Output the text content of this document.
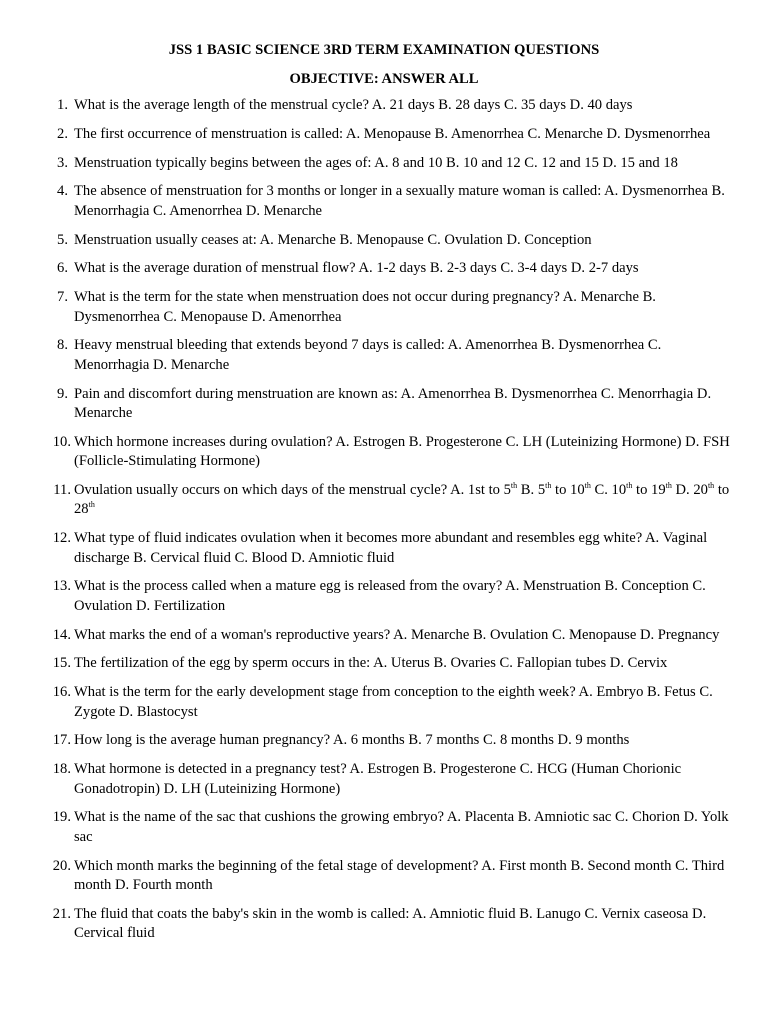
JSS 1 BASIC SCIENCE 3RD TERM EXAMINATION QUESTIONS
OBJECTIVE: ANSWER ALL
1. What is the average length of the menstrual cycle? A. 21 days B. 28 days C. 35 days D. 40 days
2. The first occurrence of menstruation is called: A. Menopause B. Amenorrhea C. Menarche D. Dysmenorrhea
3. Menstruation typically begins between the ages of: A. 8 and 10 B. 10 and 12 C. 12 and 15 D. 15 and 18
4. The absence of menstruation for 3 months or longer in a sexually mature woman is called: A. Dysmenorrhea B. Menorrhagia C. Amenorrhea D. Menarche
5. Menstruation usually ceases at: A. Menarche B. Menopause C. Ovulation D. Conception
6. What is the average duration of menstrual flow? A. 1-2 days B. 2-3 days C. 3-4 days D. 2-7 days
7. What is the term for the state when menstruation does not occur during pregnancy? A. Menarche B. Dysmenorrhea C. Menopause D. Amenorrhea
8. Heavy menstrual bleeding that extends beyond 7 days is called: A. Amenorrhea B. Dysmenorrhea C. Menorrhagia D. Menarche
9. Pain and discomfort during menstruation are known as: A. Amenorrhea B. Dysmenorrhea C. Menorrhagia D. Menarche
10. Which hormone increases during ovulation? A. Estrogen B. Progesterone C. LH (Luteinizing Hormone) D. FSH (Follicle-Stimulating Hormone)
11. Ovulation usually occurs on which days of the menstrual cycle? A. 1st to 5th B. 5th to 10th C. 10th to 19th D. 20th to 28th
12. What type of fluid indicates ovulation when it becomes more abundant and resembles egg white? A. Vaginal discharge B. Cervical fluid C. Blood D. Amniotic fluid
13. What is the process called when a mature egg is released from the ovary? A. Menstruation B. Conception C. Ovulation D. Fertilization
14. What marks the end of a woman's reproductive years? A. Menarche B. Ovulation C. Menopause D. Pregnancy
15. The fertilization of the egg by sperm occurs in the: A. Uterus B. Ovaries C. Fallopian tubes D. Cervix
16. What is the term for the early development stage from conception to the eighth week? A. Embryo B. Fetus C. Zygote D. Blastocyst
17. How long is the average human pregnancy? A. 6 months B. 7 months C. 8 months D. 9 months
18. What hormone is detected in a pregnancy test? A. Estrogen B. Progesterone C. HCG (Human Chorionic Gonadotropin) D. LH (Luteinizing Hormone)
19. What is the name of the sac that cushions the growing embryo? A. Placenta B. Amniotic sac C. Chorion D. Yolk sac
20. Which month marks the beginning of the fetal stage of development? A. First month B. Second month C. Third month D. Fourth month
21. The fluid that coats the baby's skin in the womb is called: A. Amniotic fluid B. Lanugo C. Vernix caseosa D. Cervical fluid
